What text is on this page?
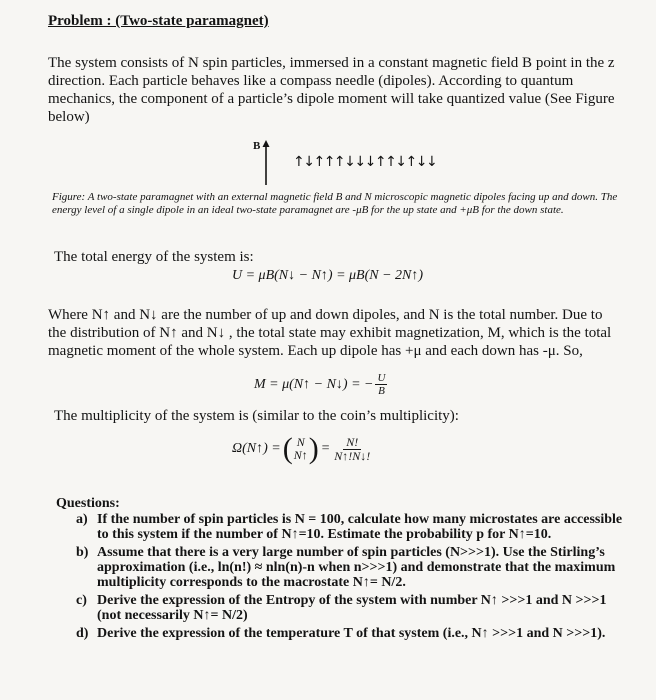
Problem : (Two-state paramagnet)

The system consists of N spin particles, immersed in a constant magnetic field B point in the z direction. Each particle behaves like a compass needle (dipoles). According to quantum mechanics, the component of a particle’s dipole moment will take quantized value (See Figure below)

B
↑↓↑↑↑↓↓↓↑↑↓↑↓↓

Figure: A two-state paramagnet with an external magnetic field B and N microscopic magnetic dipoles facing up and down. The energy level of a single dipole in an ideal two-state paramagnet are -μB for the up state and +μB for the down state.

The total energy of the system is:

U = μB(N↓ − N↑) = μB(N − 2N↑)

Where N↑ and N↓ are the number of up and down dipoles, and N is the total number. Due to the distribution of N↑ and N↓ , the total state may exhibit magnetization, M, which is the total magnetic moment of the whole system. Each up dipole has +μ and each down has -μ. So,

M = μ(N↑ − N↓) = − $\frac{U}{B}$

The multiplicity of the system is (similar to the coin’s multiplicity):

Ω(N↑) = ( N
N↑ ) = $\frac{N!}{N↑!N↓!}$
Questions:
a) If the number of spin particles is N = 100, calculate how many microstates are accessible to this system if the number of N↑=10. Estimate the probability p for N↑=10.
b) Assume that there is a very large number of spin particles (N>>>1). Use the Stirling’s approximation (i.e., ln(n!) ≈ nln(n)-n when n>>>1) and demonstrate that the maximum multiplicity corresponds to the macrostate N↑= N/2.
c) Derive the expression of the Entropy of the system with number N↑ >>>1 and N >>>1 (not necessarily N↑= N/2)
d) Derive the expression of the temperature T of that system (i.e., N↑ >>>1 and N >>>1).
